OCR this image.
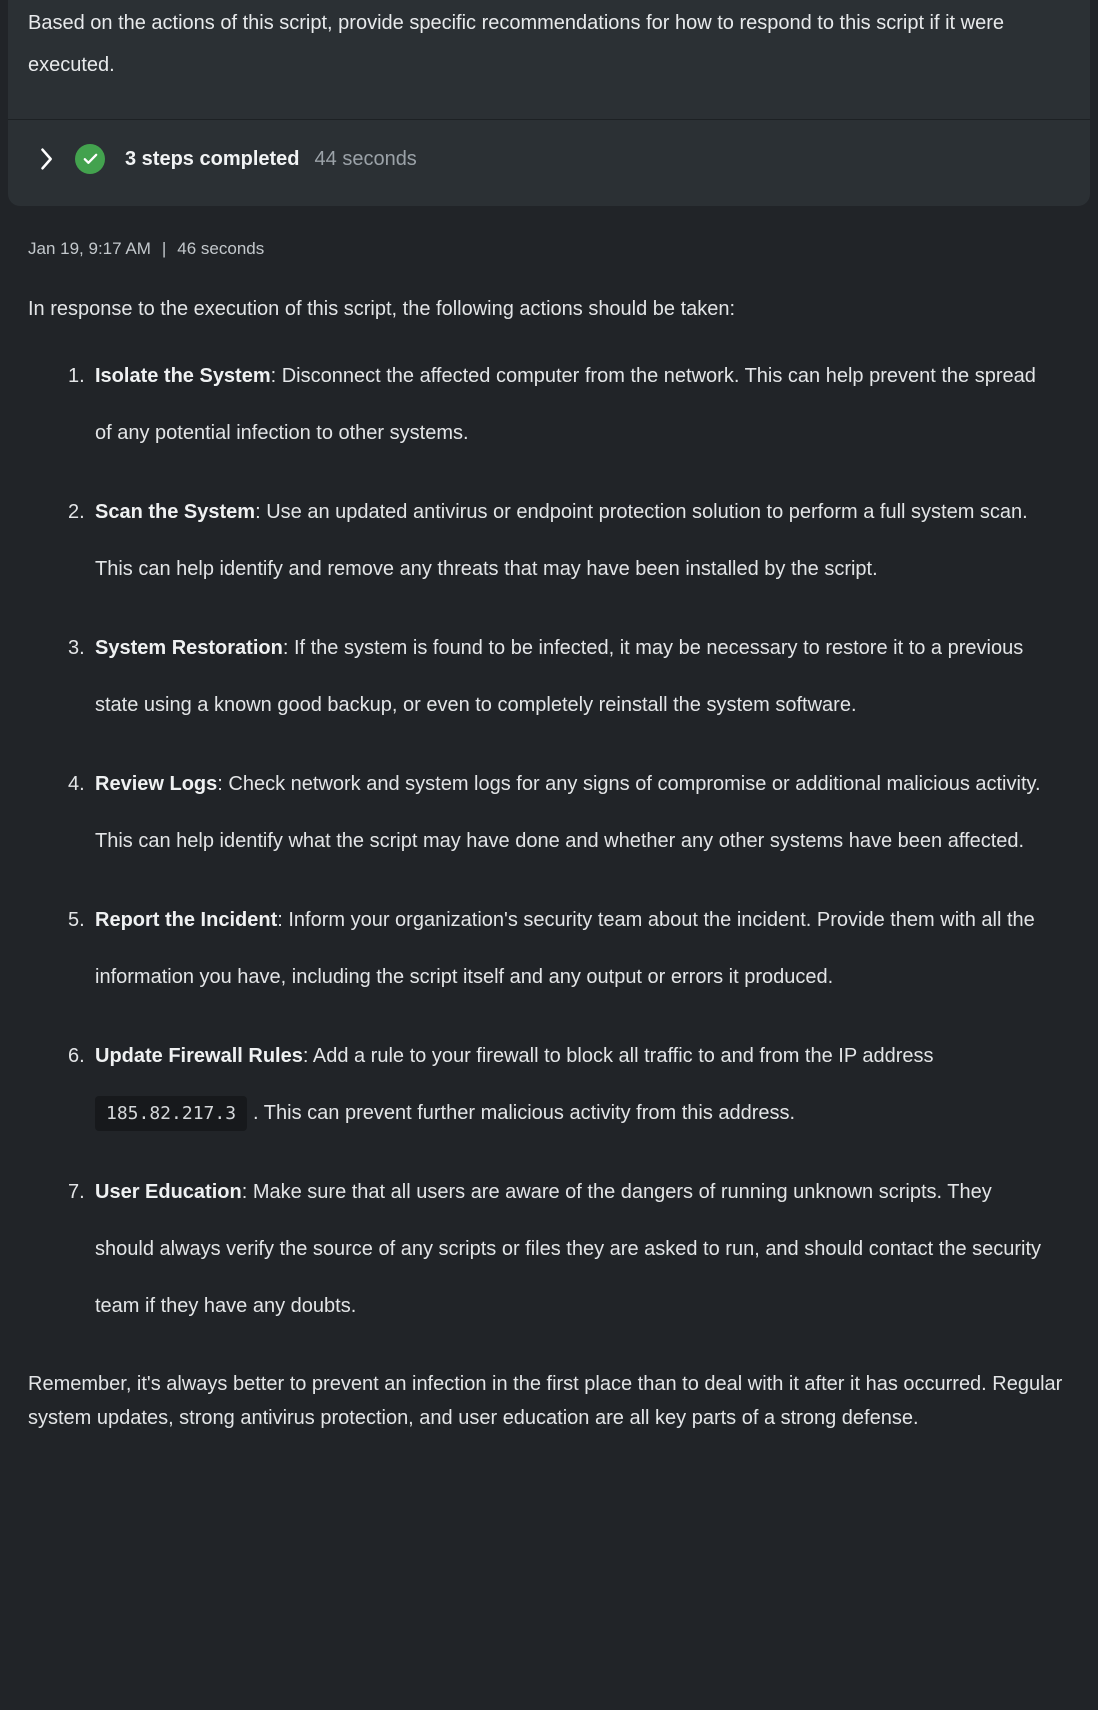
Based on the actions of this script, provide specific recommendations for how to respond to this script if it were executed.

3 steps completed 44 seconds
Jan 19, 9:17 AM | 46 seconds

In response to the execution of this script, the following actions should be taken:

1. Isolate the System: Disconnect the affected computer from the network. This can help prevent the spread of any potential infection to other systems.
2. Scan the System: Use an updated antivirus or endpoint protection solution to perform a full system scan. This can help identify and remove any threats that may have been installed by the script.
3. System Restoration: If the system is found to be infected, it may be necessary to restore it to a previous state using a known good backup, or even to completely reinstall the system software.
4. Review Logs: Check network and system logs for any signs of compromise or additional malicious activity. This can help identify what the script may have done and whether any other systems have been affected.
5. Report the Incident: Inform your organization's security team about the incident. Provide them with all the information you have, including the script itself and any output or errors it produced.
6. Update Firewall Rules: Add a rule to your firewall to block all traffic to and from the IP address 185.82.217.3 . This can prevent further malicious activity from this address.
7. User Education: Make sure that all users are aware of the dangers of running unknown scripts. They should always verify the source of any scripts or files they are asked to run, and should contact the security team if they have any doubts.

Remember, it's always better to prevent an infection in the first place than to deal with it after it has occurred. Regular system updates, strong antivirus protection, and user education are all key parts of a strong defense.
